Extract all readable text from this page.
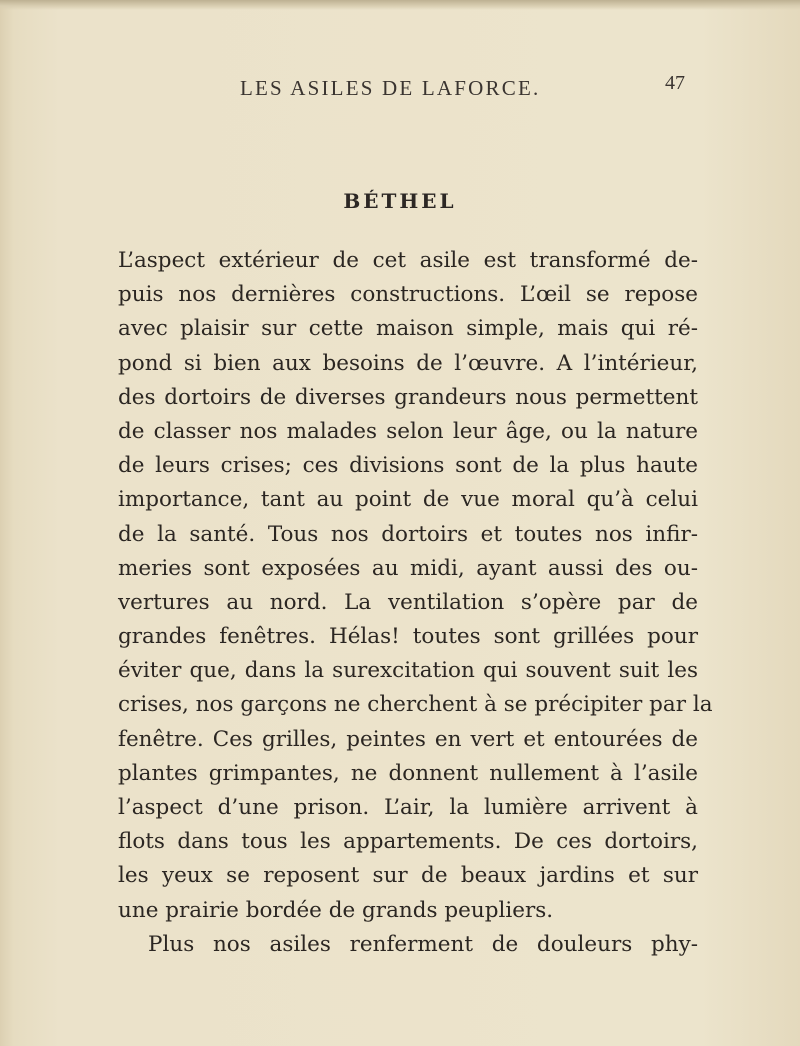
LES ASILES DE LAFORCE.	47
BÉTHEL
L’aspect extérieur de cet asile est transformé de-
puis nos dernières constructions. L’œil se repose
avec plaisir sur cette maison simple, mais qui ré-
pond si bien aux besoins de l’œuvre. A l’intérieur,
des dortoirs de diverses grandeurs nous permettent
de classer nos malades selon leur âge, ou la nature
de leurs crises; ces divisions sont de la plus haute
importance, tant au point de vue moral qu’à celui
de la santé. Tous nos dortoirs et toutes nos infir-
meries sont exposées au midi, ayant aussi des ou-
vertures au nord. La ventilation s’opère par de
grandes fenêtres. Hélas! toutes sont grillées pour
éviter que, dans la surexcitation qui souvent suit les
crises, nos garçons ne cherchent à se précipiter par la
fenêtre. Ces grilles, peintes en vert et entourées de
plantes grimpantes, ne donnent nullement à l’asile
l’aspect d’une prison. L’air, la lumière arrivent à
flots dans tous les appartements. De ces dortoirs,
les yeux se reposent sur de beaux jardins et sur
une prairie bordée de grands peupliers.
Plus nos asiles renferment de douleurs phy-
